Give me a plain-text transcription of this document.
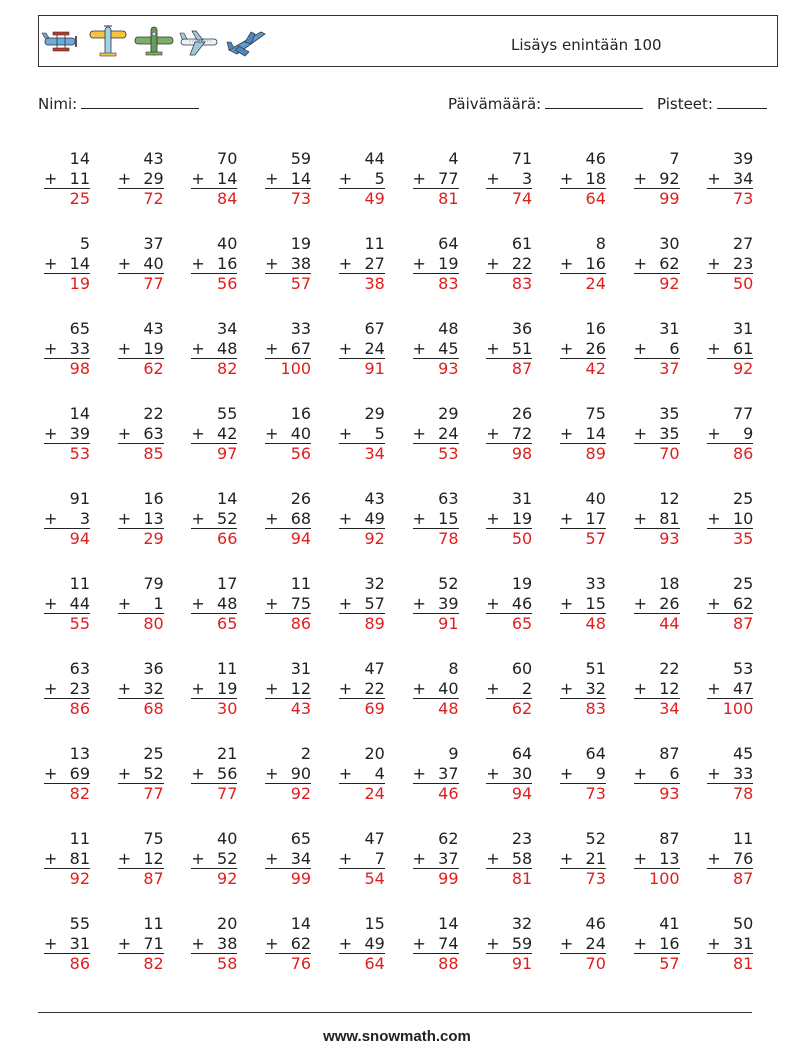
Lisäys enintään 100
Nimi:	Päivämäärä:	Pisteet:
14
+ 11
25
43
+ 29
72
70
+ 14
84
59
+ 14
73
44
+	5
49
4
+ 77
81
71
+	3
74
46
+ 18
64
7
+ 92
99
39
+ 34
73
5
+ 14
19
37
+ 40
77
40
+ 16
56
19
+ 38
57
11
+ 27
38
64
+ 19
83
61
+ 22
83
8
+ 16
24
30
+ 62
92
27
+ 23
50
65
+ 33
98
43
+ 19
62
34
+ 48
82
33
+ 67
100
67
+ 24
91
48
+ 45
93
36
+ 51
87
16
+ 26
42
31
+	6
37
31
+ 61
92
14
+ 39
53
22
+ 63
85
55
+ 42
97
16
+ 40
56
29
+	5
34
29
+ 24
53
26
+ 72
98
75
+ 14
89
35
+ 35
70
77
+	9
86
91
+	3
94
16
+ 13
29
14
+ 52
66
26
+ 68
94
43
+ 49
92
63
+ 15
78
31
+ 19
50
40
+ 17
57
12
+ 81
93
25
+ 10
35
11
+ 44
55
79
+	1
80
17
+ 48
65
11
+ 75
86
32
+ 57
89
52
+ 39
91
19
+ 46
65
33
+ 15
48
18
+ 26
44
25
+ 62
87
63
+ 23
86
36
+ 32
68
11
+ 19
30
31
+ 12
43
47
+ 22
69
8
+ 40
48
60
+	2
62
51
+ 32
83
22
+ 12
34
53
+ 47
100
13
+ 69
82
25
+ 52
77
21
+ 56
77
2
+ 90
92
20
+	4
24
9
+ 37
46
64
+ 30
94
64
+	9
73
87
+	6
93
45
+ 33
78
11
+ 81
92
75
+ 12
87
40
+ 52
92
65
+ 34
99
47
+	7
54
62
+ 37
99
23
+ 58
81
52
+ 21
73
87
+ 13
100
11
+ 76
87
55
+ 31
86
11
+ 71
82
20
+ 38
58
14
+ 62
76
15
+ 49
64
14
+ 74
88
32
+ 59
91
46
+ 24
70
41
+ 16
57
50
+ 31
81
www.snowmath.com
